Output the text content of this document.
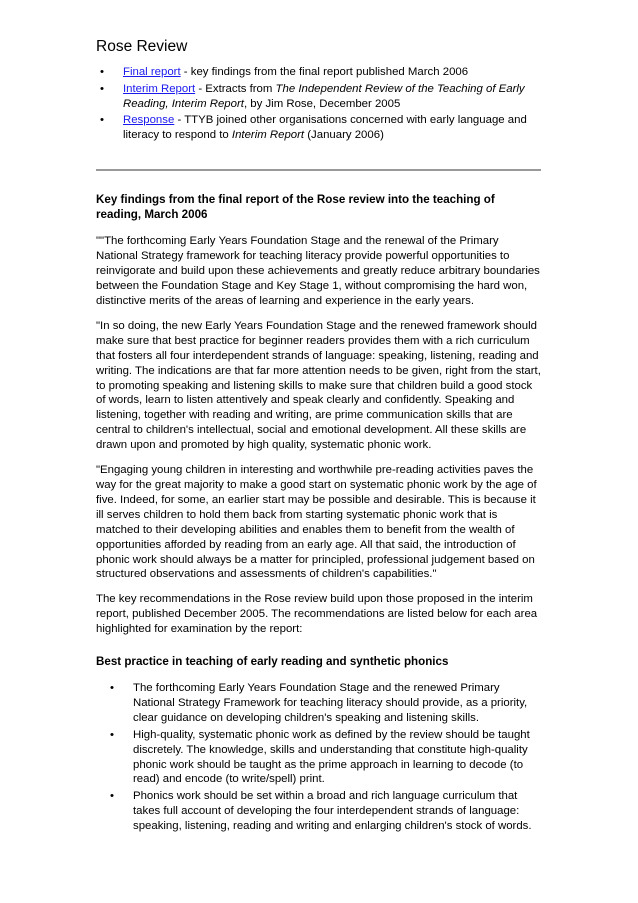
Rose Review
• Final report - key findings from the final report published March 2006
• Interim Report - Extracts from The Independent Review of the Teaching of Early Reading, Interim Report, by Jim Rose, December 2005
• Response - TTYB joined other organisations concerned with early language and literacy to respond to Interim Report (January 2006)
Key findings from the final report of the Rose review into the teaching of reading, March 2006

""The forthcoming Early Years Foundation Stage and the renewal of the Primary National Strategy framework for teaching literacy provide powerful opportunities to reinvigorate and build upon these achievements and greatly reduce arbitrary boundaries between the Foundation Stage and Key Stage 1, without compromising the hard won, distinctive merits of the areas of learning and experience in the early years.

"In so doing, the new Early Years Foundation Stage and the renewed framework should make sure that best practice for beginner readers provides them with a rich curriculum that fosters all four interdependent strands of language: speaking, listening, reading and writing. The indications are that far more attention needs to be given, right from the start, to promoting speaking and listening skills to make sure that children build a good stock of words, learn to listen attentively and speak clearly and confidently. Speaking and listening, together with reading and writing, are prime communication skills that are central to children's intellectual, social and emotional development. All these skills are drawn upon and promoted by high quality, systematic phonic work.

"Engaging young children in interesting and worthwhile pre-reading activities paves the way for the great majority to make a good start on systematic phonic work by the age of five. Indeed, for some, an earlier start may be possible and desirable. This is because it ill serves children to hold them back from starting systematic phonic work that is matched to their developing abilities and enables them to benefit from the wealth of opportunities afforded by reading from an early age. All that said, the introduction of phonic work should always be a matter for principled, professional judgement based on structured observations and assessments of children's capabilities."

The key recommendations in the Rose review build upon those proposed in the interim report, published December 2005. The recommendations are listed below for each area highlighted for examination by the report:

Best practice in teaching of early reading and synthetic phonics
• The forthcoming Early Years Foundation Stage and the renewed Primary National Strategy Framework for teaching literacy should provide, as a priority, clear guidance on developing children's speaking and listening skills.
• High-quality, systematic phonic work as defined by the review should be taught discretely. The knowledge, skills and understanding that constitute high-quality phonic work should be taught as the prime approach in learning to decode (to read) and encode (to write/spell) print.
• Phonics work should be set within a broad and rich language curriculum that takes full account of developing the four interdependent strands of language: speaking, listening, reading and writing and enlarging children's stock of words.
